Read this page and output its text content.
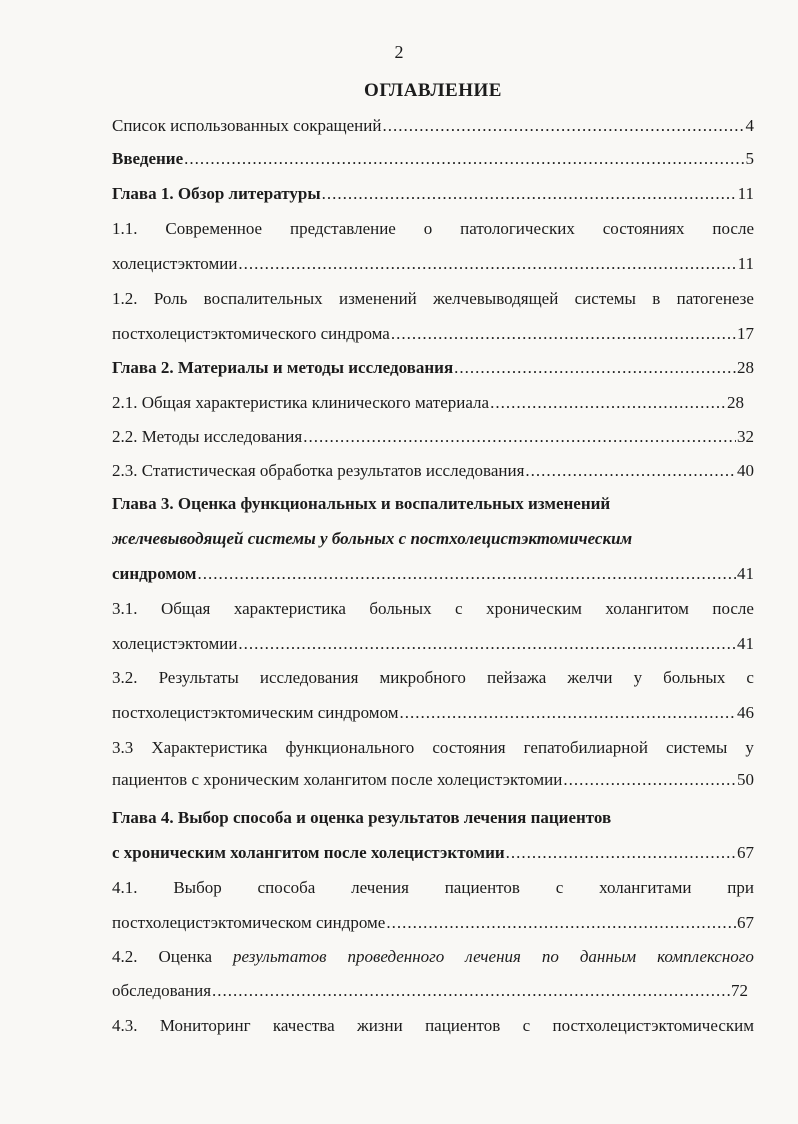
2
ОГЛАВЛЕНИЕ
Список использованных сокращений .....	4
Введение .....	5
Глава 1. Обзор литературы .....	11
1.1. Современное представление о патологических состояниях после
холецистэктомии .....	11
1.2. Роль воспалительных изменений желчевыводящей системы в патогенезе
постхолецистэктомического синдрома .....	17
Глава 2. Материалы и методы исследования .....	28
2.1. Общая характеристика клинического материала .....	28
2.2. Методы исследования .....	32
2.3. Статистическая обработка результатов исследования .....	40
Глава 3. Оценка функциональных и воспалительных изменений
желчевыводящей системы у больных с постхолецистэктомическим
синдромом .....	41
3.1. Общая характеристика больных с хроническим холангитом после
холецистэктомии .....	41
3.2. Результаты исследования микробного пейзажа желчи у больных с
постхолецистэктомическим синдромом .....	46
3.3 Характеристика функционального состояния гепатобилиарной системы у
пациентов с хроническим холангитом после холецистэктомии .....	50
Глава 4. Выбор способа и оценка результатов лечения пациентов
с хроническим холангитом после холецистэктомии .....	67
4.1. Выбор способа лечения пациентов с холангитами при
постхолецистэктомическом синдроме .....	67
4.2. Оценка результатов проведенного лечения по данным комплексного
обследования .....	72
4.3. Мониторинг качества жизни пациентов с постхолецистэктомическим
